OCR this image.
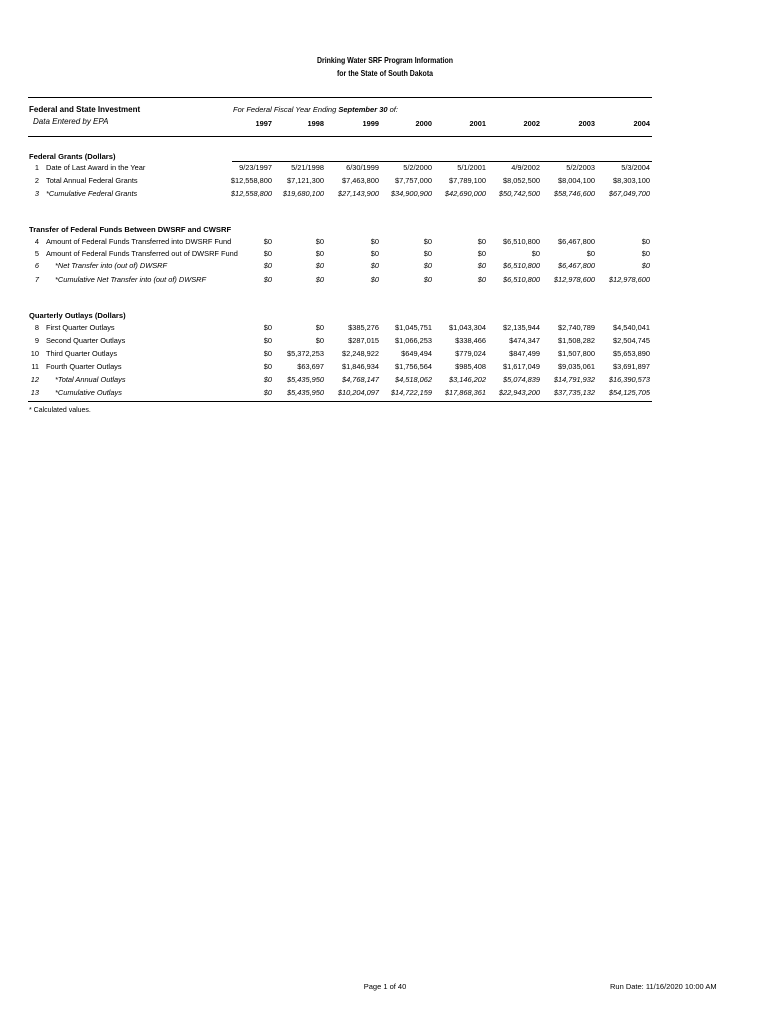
Drinking Water SRF Program Information
for the State of South Dakota
Federal and State Investment
Data Entered by EPA
For Federal Fiscal Year Ending September 30 of:
1997	1998	1999	2000	2001	2002	2003	2004
Federal Grants (Dollars)
1 Date of Last Award in the Year	9/23/1997	5/21/1998	6/30/1999	5/2/2000	5/1/2001	4/9/2002	5/2/2003	5/3/2004
2 Total Annual Federal Grants	$12,558,800	$7,121,300	$7,463,800	$7,757,000	$7,789,100	$8,052,500	$8,004,100	$8,303,100
3 *Cumulative Federal Grants	$12,558,800	$19,680,100	$27,143,900	$34,900,900	$42,690,000	$50,742,500	$58,746,600	$67,049,700
Transfer of Federal Funds Between DWSRF and CWSRF
4 Amount of Federal Funds Transferred into DWSRF Fund	$0	$0	$0	$0	$0	$6,510,800	$6,467,800	$0
5 Amount of Federal Funds Transferred out of DWSRF Fund	$0	$0	$0	$0	$0	$0	$0	$0
6 *Net Transfer into (out of) DWSRF	$0	$0	$0	$0	$0	$6,510,800	$6,467,800	$0
7 *Cumulative Net Transfer into (out of) DWSRF	$0	$0	$0	$0	$0	$6,510,800	$12,978,600	$12,978,600
Quarterly Outlays (Dollars)
8 First Quarter Outlays	$0	$0	$385,276	$1,045,751	$1,043,304	$2,135,944	$2,740,789	$4,540,041
9 Second Quarter Outlays	$0	$0	$287,015	$1,066,253	$338,466	$474,347	$1,508,282	$2,504,745
10 Third Quarter Outlays	$0	$5,372,253	$2,248,922	$649,494	$779,024	$847,499	$1,507,800	$5,653,890
11 Fourth Quarter Outlays	$0	$63,697	$1,846,934	$1,756,564	$985,408	$1,617,049	$9,035,061	$3,691,897
12 *Total Annual Outlays	$0	$5,435,950	$4,768,147	$4,518,062	$3,146,202	$5,074,839	$14,791,932	$16,390,573
13 *Cumulative Outlays	$0	$5,435,950	$10,204,097	$14,722,159	$17,868,361	$22,943,200	$37,735,132	$54,125,705
* Calculated values.
Page 1 of 40	Run Date: 11/16/2020 10:00 AM
